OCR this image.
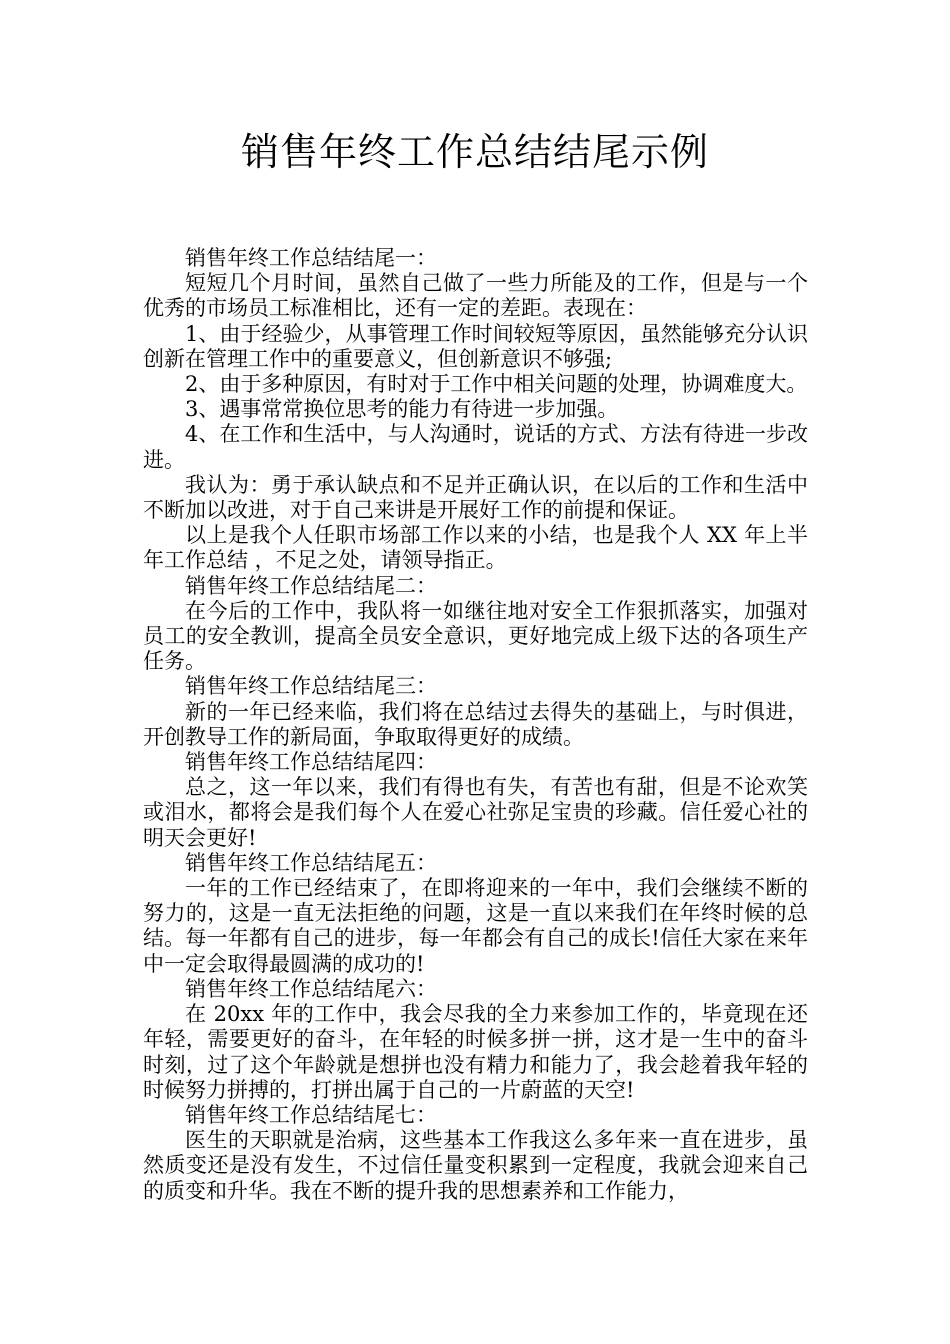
销售年终工作总结结尾示例

销售年终工作总结结尾一：

短短几个月时间，虽然自己做了一些力所能及的工作，但是与一个优秀的市场员工标准相比，还有一定的差距。表现在：

1、由于经验少，从事管理工作时间较短等原因，虽然能够充分认识创新在管理工作中的重要意义，但创新意识不够强;

2、由于多种原因，有时对于工作中相关问题的处理，协调难度大。

3、遇事常常换位思考的能力有待进一步加强。

4、在工作和生活中，与人沟通时，说话的方式、方法有待进一步改进。

我认为：勇于承认缺点和不足并正确认识，在以后的工作和生活中不断加以改进，对于自己来讲是开展好工作的前提和保证。

以上是我个人任职市场部工作以来的小结，也是我个人 XX 年上半年工作总结 ，不足之处，请领导指正。

销售年终工作总结结尾二：

在今后的工作中，我队将一如继往地对安全工作狠抓落实，加强对员工的安全教训，提高全员安全意识，更好地完成上级下达的各项生产任务。

销售年终工作总结结尾三：

新的一年已经来临，我们将在总结过去得失的基础上，与时俱进，开创教导工作的新局面，争取取得更好的成绩。

销售年终工作总结结尾四：

总之，这一年以来，我们有得也有失，有苦也有甜，但是不论欢笑或泪水，都将会是我们每个人在爱心社弥足宝贵的珍藏。信任爱心社的明天会更好!

销售年终工作总结结尾五：

一年的工作已经结束了，在即将迎来的一年中，我们会继续不断的努力的，这是一直无法拒绝的问题，这是一直以来我们在年终时候的总结。每一年都有自己的进步，每一年都会有自己的成长!信任大家在来年中一定会取得最圆满的成功的!

销售年终工作总结结尾六：

在 20xx 年的工作中，我会尽我的全力来参加工作的，毕竟现在还年轻，需要更好的奋斗，在年轻的时候多拼一拼，这才是一生中的奋斗时刻，过了这个年龄就是想拼也没有精力和能力了，我会趁着我年轻的时候努力拼搏的，打拼出属于自己的一片蔚蓝的天空!

销售年终工作总结结尾七：

医生的天职就是治病，这些基本工作我这么多年来一直在进步，虽然质变还是没有发生，不过信任量变积累到一定程度，我就会迎来自己的质变和升华。我在不断的提升我的思想素养和工作能力，
